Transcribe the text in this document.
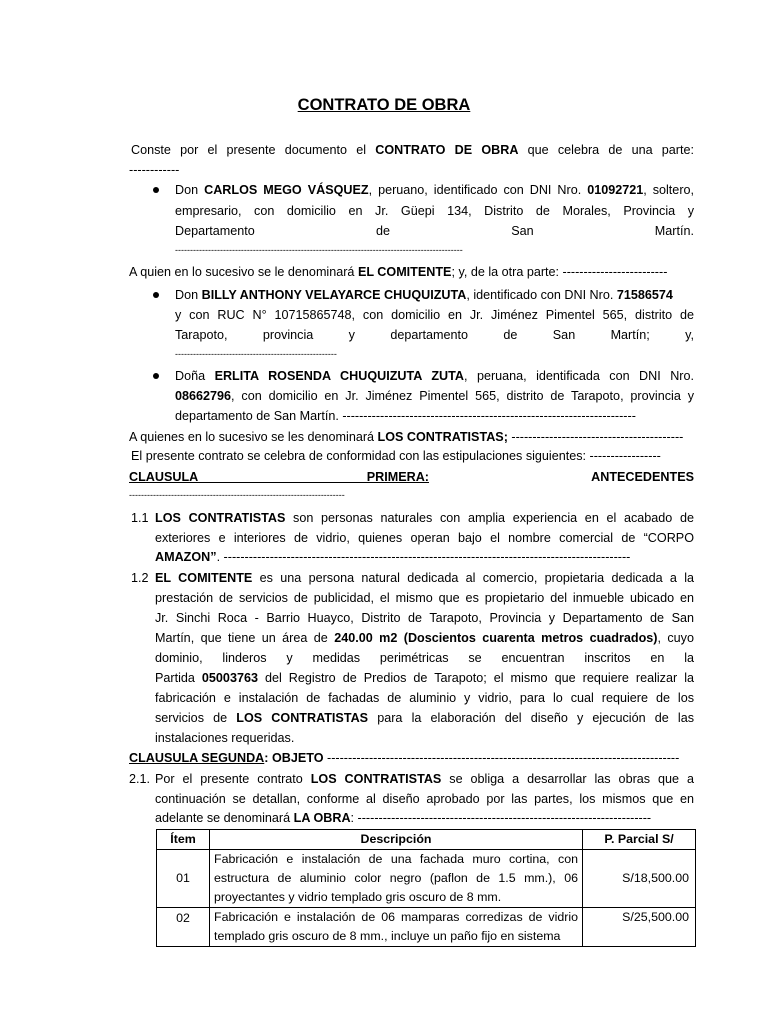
CONTRATO DE OBRA
Conste por el presente documento el CONTRATO DE OBRA que celebra de una parte:
------------
Don CARLOS MEGO VÁSQUEZ, peruano, identificado con DNI Nro. 01092721, soltero,
empresario, con domicilio en Jr. Güepi 134, Distrito de Morales, Provincia y
Departamento de San Martín.
------------------------------------------------------------------------------------------------
A quien en lo sucesivo se le denominará EL COMITENTE; y, de la otra parte: -------------------------
Don BILLY ANTHONY VELAYARCE CHUQUIZUTA, identificado con DNI Nro. 71586574
y con RUC N° 10715865748, con domicilio en Jr. Jiménez Pimentel 565, distrito de
Tarapoto, provincia y departamento de San Martín; y,
------------------------------------------------------
Doña ERLITA ROSENDA CHUQUIZUTA ZUTA, peruana, identificada con DNI Nro.
08662796, con domicilio en Jr. Jiménez Pimentel 565, distrito de Tarapoto, provincia y
departamento de San Martín. ----------------------------------------------------------------------
A quienes en lo sucesivo se les denominará LOS CONTRATISTAS; -----------------------------------------
El presente contrato se celebra de conformidad con las estipulaciones siguientes: -----------------
CLAUSULA PRIMERA:	ANTECEDENTES
------------------------------------------------------------------------
1.1 LOS CONTRATISTAS son personas naturales con amplia experiencia en el acabado de
exteriores e interiores de vidrio, quienes operan bajo el nombre comercial de “CORPO
AMAZON”. -------------------------------------------------------------------------------------------------
1.2 EL COMITENTE es una persona natural dedicada al comercio, propietaria dedicada a la
prestación de servicios de publicidad, el mismo que es propietario del inmueble ubicado en
Jr. Sinchi Roca - Barrio Huayco, Distrito de Tarapoto, Provincia y Departamento de San
Martín, que tiene un área de 240.00 m2 (Doscientos cuarenta metros cuadrados), cuyo
dominio, linderos y medidas perimétricas se encuentran inscritos en la
Partida 05003763 del Registro de Predios de Tarapoto; el mismo que requiere realizar la
fabricación e instalación de fachadas de aluminio y vidrio, para lo cual requiere de los
servicios de LOS CONTRATISTAS para la elaboración del diseño y ejecución de las
instalaciones requeridas.
CLAUSULA SEGUNDA: OBJETO ------------------------------------------------------------------------------------
2.1. Por el presente contrato LOS CONTRATISTAS se obliga a desarrollar las obras que a
continuación se detallan, conforme al diseño aprobado por las partes, los mismos que en
adelante se denominará LA OBRA: ----------------------------------------------------------------------
Ítem	Descripción	P. Parcial S/
01	Fabricación e instalación de una fachada muro cortina, con estructura de aluminio color negro (paflon de 1.5 mm.), 06 proyectantes y vidrio templado gris oscuro de 8 mm.	S/18,500.00
02	Fabricación e instalación de 06 mamparas corredizas de vidrio templado gris oscuro de 8 mm., incluye un paño fijo en sistema	S/25,500.00
